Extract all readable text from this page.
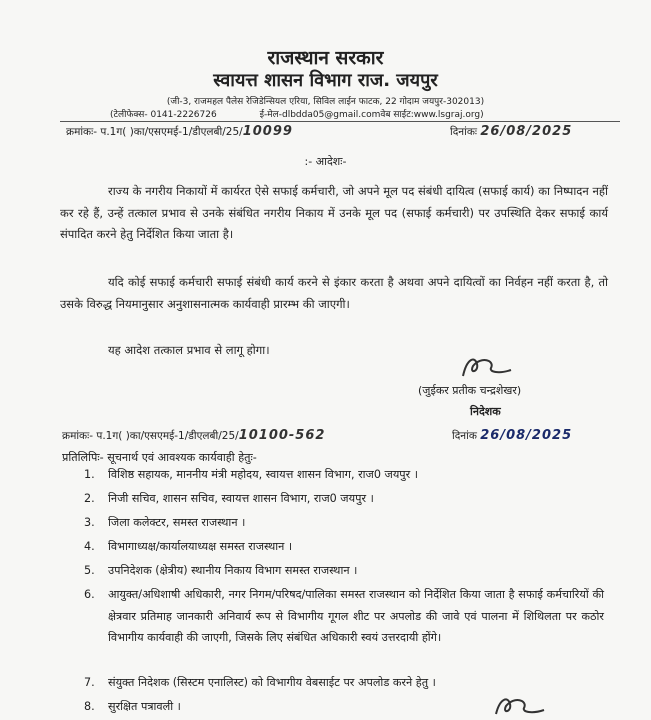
राजस्थान सरकार
स्वायत्त शासन विभाग राज. जयपुर
(जी-3, राजमहल पैलेस रेजिडेन्सियल एरिया, सिविल लाईन फाटक, 22 गोदाम जयपुर-302013)
(टेलीफेक्स- 0141-2226726	ई-मेल-dlbdda05@gmail.comवेब साईट:www.lsgraj.org)
क्रमांकः- प.1ग( )का/एसएमई-1/डीएलबी/25/10099	दिनांकः 26/08/2025
:- आदेशः-
राज्य के नगरीय निकायों में कार्यरत ऐसे सफाई कर्मचारी, जो अपने मूल पद संबंधी दायित्व (सफाई कार्य) का निष्पादन नहीं कर रहे हैं, उन्हें तत्काल प्रभाव से उनके संबंधित नगरीय निकाय में उनके मूल पद (सफाई कर्मचारी) पर उपस्थिति देकर सफाई कार्य संपादित करने हेतु निर्देशित किया जाता है।
यदि कोई सफाई कर्मचारी सफाई संबंधी कार्य करने से इंकार करता है अथवा अपने दायित्वों का निर्वहन नहीं करता है, तो उसके विरुद्ध नियमानुसार अनुशासनात्मक कार्यवाही प्रारम्भ की जाएगी।
यह आदेश तत्काल प्रभाव से लागू होगा।
(जुईकर प्रतीक चन्द्रशेखर)
निदेशक
क्रमांकः- प.1ग( )का/एसएमई-1/डीएलबी/25/10100-562	दिनांक 26/08/2025
प्रतिलिपिः- सूचनार्थ एवं आवश्यक कार्यवाही हेतुः-
1.	विशिष्ठ सहायक, माननीय मंत्री महोदय, स्वायत्त शासन विभाग, राज0 जयपुर ।
2.	निजी सचिव, शासन सचिव, स्वायत्त शासन विभाग, राज0 जयपुर ।
3.	जिला कलेक्टर, समस्त राजस्थान ।
4.	विभागाध्यक्ष/कार्यालयाध्यक्ष समस्त राजस्थान ।
5.	उपनिदेशक (क्षेत्रीय) स्थानीय निकाय विभाग समस्त राजस्थान ।
6.	आयुक्त/अधिशाषी अधिकारी, नगर निगम/परिषद/पालिका समस्त राजस्थान को निर्देशित किया जाता है सफाई कर्मचारियों की क्षेत्रवार प्रतिमाह जानकारी अनिवार्य रूप से विभागीय गूगल शीट पर अपलोड की जावे एवं पालना में शिथिलता पर कठोर विभागीय कार्यवाही की जाएगी, जिसके लिए संबंधित अधिकारी स्वयं उत्तरदायी होंगे।
7.	संयुक्त निदेशक (सिस्टम एनालिस्ट) को विभागीय वेबसाईट पर अपलोड करने हेतु ।
8.	सुरक्षित पत्रावली ।
